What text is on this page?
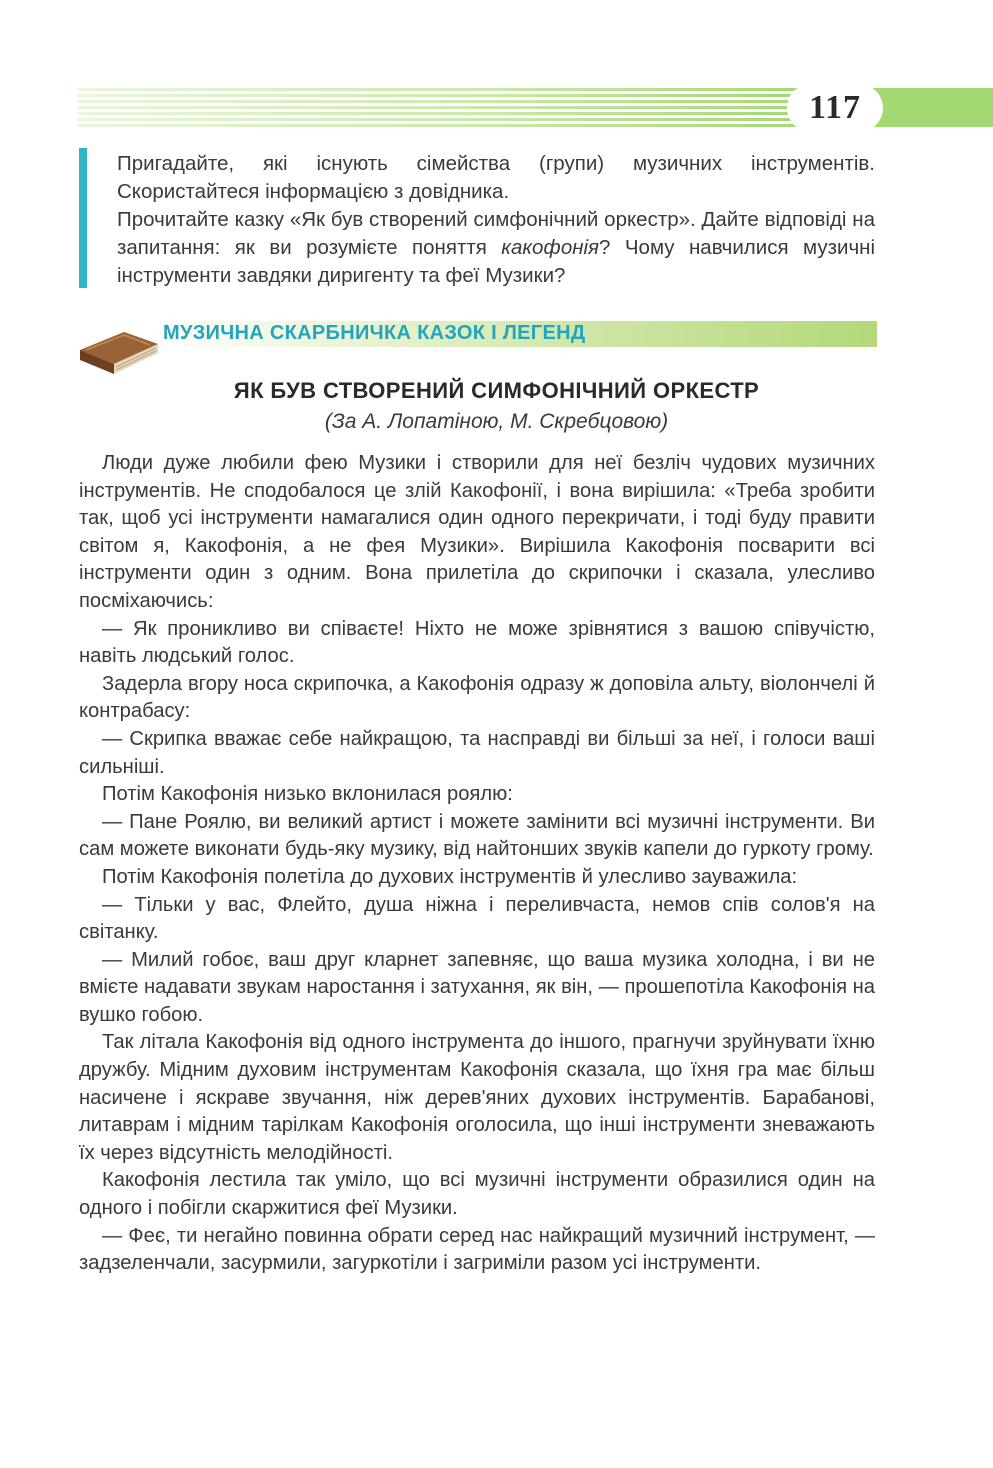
117

Пригадайте, які існують сімейства (групи) музичних інструментів. Скористайтеся інформацією з довідника.

Прочитайте казку «Як був створений симфонічний оркестр». Дайте відповіді на запитання: як ви розумієте поняття какофонія? Чому навчилися музичні інструменти завдяки диригенту та феї Музики?

МУЗИЧНА СКАРБНИЧКА КАЗОК І ЛЕГЕНД
ЯК БУВ СТВОРЕНИЙ СИМФОНІЧНИЙ ОРКЕСТР
(За А. Лопатіною, М. Скребцовою)

Люди дуже любили фею Музики і створили для неї безліч чудових музичних інструментів. Не сподобалося це злій Какофонії, і вона вирішила: «Треба зробити так, щоб усі інструменти намагалися один одного перекричати, і тоді буду правити світом я, Какофонія, а не фея Музики». Вирішила Какофонія посварити всі інструменти один з одним. Вона прилетіла до скрипочки і сказала, улесливо посміхаючись:

— Як проникливо ви співаєте! Ніхто не може зрівнятися з вашою співучістю, навіть людський голос.

Задерла вгору носа скрипочка, а Какофонія одразу ж доповіла альту, віолончелі й контрабасу:

— Скрипка вважає себе найкращою, та насправді ви більші за неї, і голоси ваші сильніші.

Потім Какофонія низько вклонилася роялю:

— Пане Роялю, ви великий артист і можете замінити всі музичні інструменти. Ви сам можете виконати будь-яку музику, від найтонших звуків капели до гуркоту грому.

Потім Какофонія полетіла до духових інструментів й улесливо зауважила:

— Тільки у вас, Флейто, душа ніжна і переливчаста, немов спів солов'я на світанку.

— Милий гобоє, ваш друг кларнет запевняє, що ваша музика холодна, і ви не вмієте надавати звукам наростання і затухання, як він, — прошепотіла Какофонія на вушко гобою.

Так літала Какофонія від одного інструмента до іншого, прагнучи зруйнувати їхню дружбу. Мідним духовим інструментам Какофонія сказала, що їхня гра має більш насичене і яскраве звучання, ніж дерев'яних духових інструментів. Барабанові, литаврам і мідним тарілкам Какофонія оголосила, що інші інструменти зневажають їх через відсутність мелодійності.

Какофонія лестила так уміло, що всі музичні інструменти образилися один на одного і побігли скаржитися феї Музики.

— Феє, ти негайно повинна обрати серед нас найкращий музичний інструмент, — задзеленчали, засурмили, загуркотіли і загриміли разом усі інструменти.
